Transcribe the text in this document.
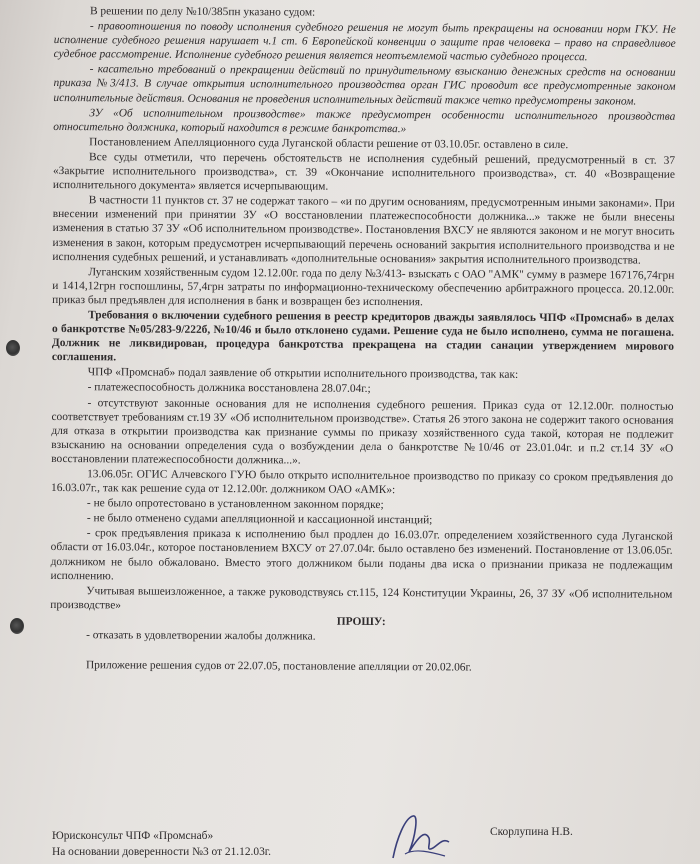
В решении по делу №10/385пн указано судом:

- правоотношения по поводу исполнения судебного решения не могут быть прекращены на основании норм ГКУ. Не исполнение судебного решения нарушает ч.1 ст. 6 Европейской конвенции о защите прав человека – право на справедливое судебное рассмотрение. Исполнение судебного решения является неотъемлемой частью судебного процесса.

- касательно требований о прекращении действий по принудительному взысканию денежных средств на основании приказа №3/413. В случае открытия исполнительного производства орган ГИС проводит все предусмотренные законом исполнительные действия. Основания не проведения исполнительных действий также четко предусмотрены законом.

ЗУ «Об исполнительном производстве» также предусмотрен особенности исполнительного производства относительно должника, который находится в режиме банкротства.»

Постановлением Апелляционного суда Луганской области решение от 03.10.05г. оставлено в силе.

Все суды отметили, что перечень обстоятельств не исполнения судебный решений, предусмотренный в ст. 37 «Закрытие исполнительного производства», ст. 39 «Окончание исполнительного производства», ст. 40 «Возвращение исполнительного документа» является исчерпывающим.

В частности 11 пунктов ст. 37 не содержат такого – «и по другим основаниям, предусмотренным иными законами». При внесении изменений при принятии ЗУ «О восстановлении платежеспособности должника...» также не были внесены изменения в статью 37 ЗУ «Об исполнительном производстве». Постановления ВХСУ не являются законом и не могут вносить изменения в закон, которым предусмотрен исчерпывающий перечень оснований закрытия исполнительного производства и не исполнения судебных решений, и устанавливать «дополнительные основания» закрытия исполнительного производства.

Луганским хозяйственным судом 12.12.00г. года по делу №3/413- взыскать с ОАО "АМК" сумму в размере 167176,74грн и 1414,12грн госпошлины, 57,4грн затраты по информационно-техническому обеспечению арбитражного процесса. 20.12.00г. приказ был предъявлен для исполнения в банк и возвращен без исполнения.

Требования о включении судебного решения в реестр кредиторов дважды заявлялось ЧПФ «Промснаб» в делах о банкротстве №05/283-9/222б, №10/46 и было отклонено судами. Решение суда не было исполнено, сумма не погашена. Должник не ликвидирован, процедура банкротства прекращена на стадии санации утверждением мирового соглашения.

ЧПФ «Промснаб» подал заявление об открытии исполнительного производства, так как:

- платежеспособность должника восстановлена 28.07.04г.;

- отсутствуют законные основания для не исполнения судебного решения. Приказ суда от 12.12.00г. полностью соответствует требованиям ст.19 ЗУ «Об исполнительном производстве». Статья 26 этого закона не содержит такого основания для отказа в открытии производства как признание суммы по приказу хозяйственного суда такой, которая не подлежит взысканию на основании определения суда о возбуждении дела о банкротстве №10/46 от 23.01.04г. и п.2 ст.14 ЗУ «О восстановлении платежеспособности должника...».

13.06.05г. ОГИС Алчевского ГУЮ было открыто исполнительное производство по приказу со сроком предъявления до 16.03.07г., так как решение суда от 12.12.00г. должником ОАО «АМК»:

- не было опротестовано в установленном законном порядке;

- не было отменено судами апелляционной и кассационной инстанций;

- срок предъявления приказа к исполнению был продлен до 16.03.07г. определением хозяйственного суда Луганской области от 16.03.04г., которое постановлением ВХСУ от 27.07.04г. было оставлено без изменений. Постановление от 13.06.05г. должником не было обжаловано. Вместо этого должником были поданы два иска о признании приказа не подлежащим исполнению.

Учитывая вышеизложенное, а также руководствуясь ст.115, 124 Конституции Украины, 26, 37 ЗУ «Об исполнительном производстве»

ПРОШУ:

- отказать в удовлетворении жалобы должника.

Приложение решения судов от 22.07.05, постановление апелляции от 20.02.06г.

Юрисконсульт ЧПФ «Промснаб»
На основании доверенности №3 от 21.12.03г.
Скорлупина Н.В.
